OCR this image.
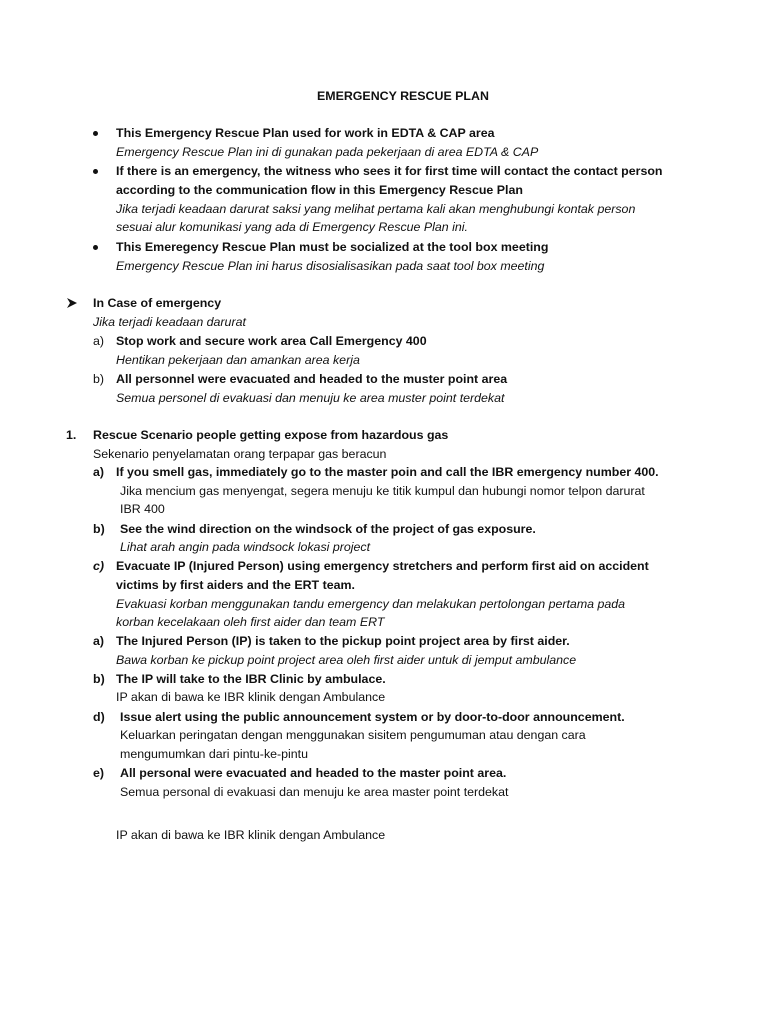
EMERGENCY RESCUE PLAN
This Emergency Rescue Plan used for work in EDTA & CAP area
Emergency Rescue Plan ini di gunakan pada pekerjaan di area EDTA & CAP
If there is an emergency, the witness who sees it for first time will contact the contact person
according to the communication flow in this Emergency Rescue Plan
Jika terjadi keadaan darurat saksi yang melihat pertama kali akan menghubungi kontak person
sesuai alur komunikasi yang ada di Emergency Rescue Plan ini.
This Emeregency Rescue Plan must be socialized at the tool box meeting
Emergency Rescue Plan ini harus disosialisasikan pada saat tool box meeting
In Case of emergency
Jika terjadi keadaan darurat
a) Stop work and secure work area Call Emergency 400
Hentikan pekerjaan dan amankan area kerja
b) All personnel were evacuated and headed to the muster point area
Semua personel di evakuasi dan menuju ke area muster point terdekat
1. Rescue Scenario people getting expose from hazardous gas
Sekenario penyelamatan orang terpapar gas beracun
a) If you smell gas, immediately go to the master poin and call the IBR emergency number 400.
Jika mencium gas menyengat, segera menuju ke titik kumpul dan hubungi nomor telpon darurat
IBR 400
b) See the wind direction on the windsock of the project of gas exposure.
Lihat arah angin pada windsock lokasi project
c) Evacuate IP (Injured Person) using emergency stretchers and perform first aid on accident
victims by first aiders and the ERT team.
Evakuasi korban menggunakan tandu emergency dan melakukan pertolongan pertama pada
korban kecelakaan oleh first aider dan team ERT
a) The Injured Person (IP) is taken to the pickup point project area by first aider.
Bawa korban ke pickup point project area oleh first aider untuk di jemput ambulance
b) The IP will take to the IBR Clinic by ambulace.
IP akan di bawa ke IBR klinik dengan Ambulance
d) Issue alert using the public announcement system or by door-to-door announcement.
Keluarkan peringatan dengan menggunakan sisitem pengumuman atau dengan cara
mengumumkan dari pintu-ke-pintu
e) All personal were evacuated and headed to the master point area.
Semua personal di evakuasi dan menuju ke area master point terdekat
IP akan di bawa ke IBR klinik dengan Ambulance
